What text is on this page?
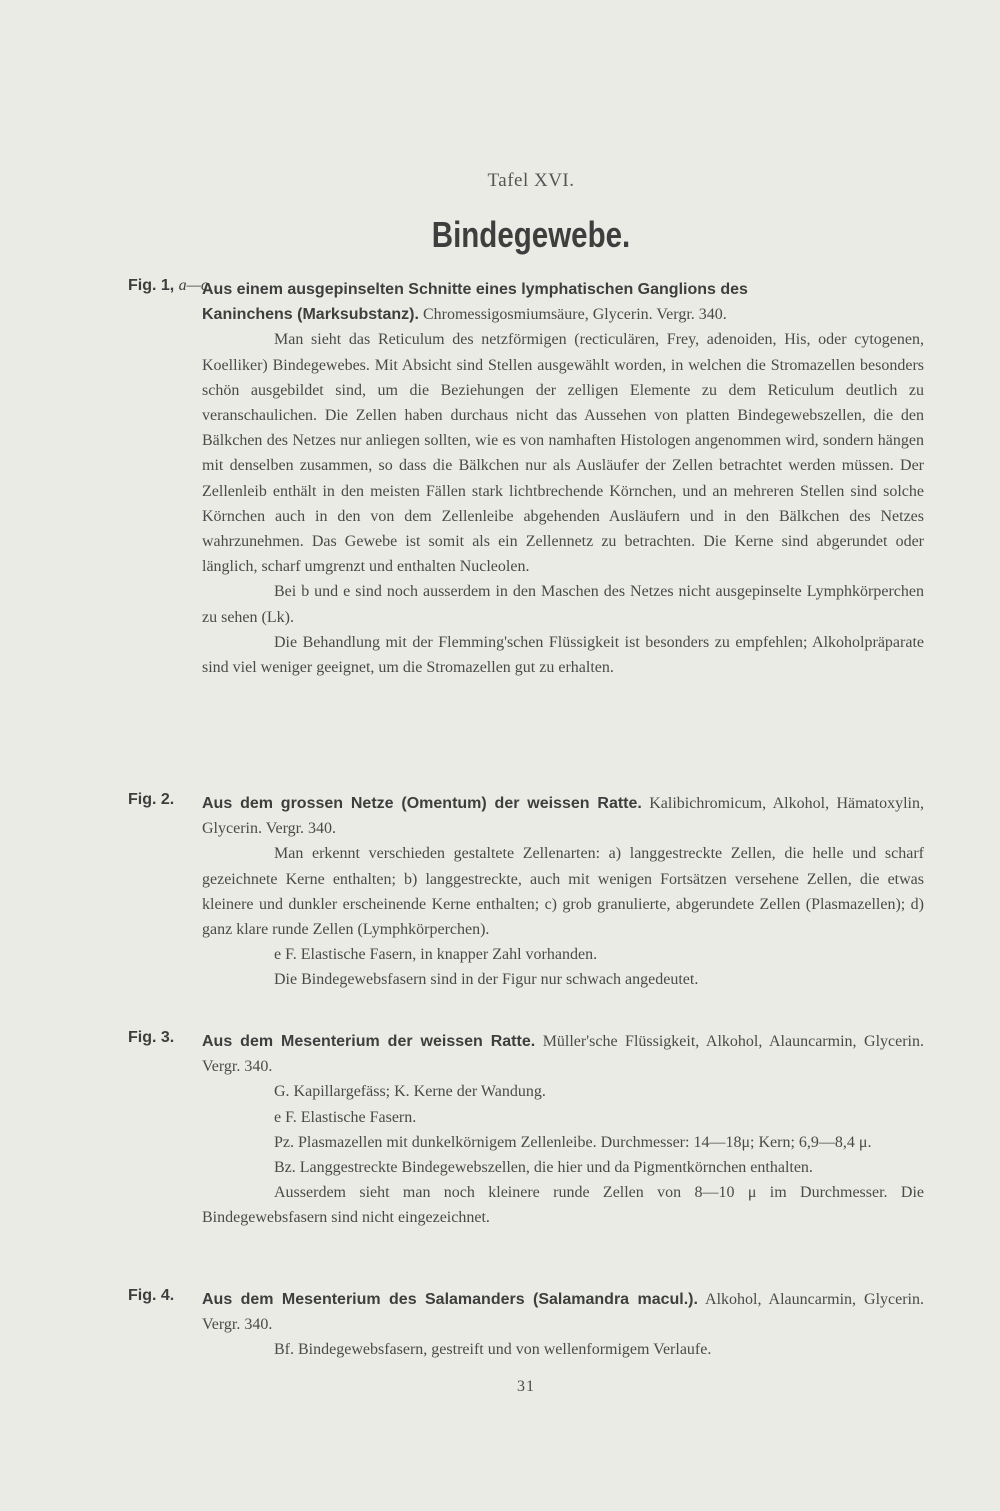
Tafel XVI.
Bindegewebe.
Fig. 1, a—c.

Aus einem ausgepinselten Schnitte eines lymphatischen Ganglions des

Kaninchens (Marksubstanz). Chromessigosmiumsäure, Glycerin. Vergr. 340.

Man sieht das Reticulum des netzförmigen (recticulären, Frey, adenoiden, His, oder cytogenen, Koelliker) Bindegewebes. Mit Absicht sind Stellen ausgewählt worden, in welchen die Stromazellen besonders schön ausgebildet sind, um die Beziehungen der zelligen Elemente zu dem Reticulum deutlich zu veranschaulichen. Die Zellen haben durchaus nicht das Aussehen von platten Bindegewebszellen, die den Bälkchen des Netzes nur anliegen sollten, wie es von namhaften Histologen angenommen wird, sondern hängen mit denselben zusammen, so dass die Bälkchen nur als Ausläufer der Zellen betrachtet werden müssen. Der Zellenleib enthält in den meisten Fällen stark lichtbrechende Körnchen, und an mehreren Stellen sind solche Körnchen auch in den von dem Zellenleibe abgehenden Ausläufern und in den Bälkchen des Netzes wahrzunehmen. Das Gewebe ist somit als ein Zellennetz zu betrachten. Die Kerne sind abgerundet oder länglich, scharf umgrenzt und enthalten Nucleolen.

Bei b und e sind noch ausserdem in den Maschen des Netzes nicht ausgepinselte Lymphkörperchen zu sehen (Lk).

Die Behandlung mit der Flemming'schen Flüssigkeit ist besonders zu empfehlen; Alkoholpräparate sind viel weniger geeignet, um die Stromazellen gut zu erhalten.

Fig. 2. Aus dem grossen Netze (Omentum) der weissen Ratte. Kalibichromicum, Alkohol, Hämatoxylin, Glycerin. Vergr. 340.

Man erkennt verschieden gestaltete Zellenarten: a) langgestreckte Zellen, die helle und scharf gezeichnete Kerne enthalten; b) langgestreckte, auch mit wenigen Fortsätzen versehene Zellen, die etwas kleinere und dunkler erscheinende Kerne enthalten; c) grob granulierte, abgerundete Zellen (Plasmazellen); d) ganz klare runde Zellen (Lymphkörperchen).

e F. Elastische Fasern, in knapper Zahl vorhanden.

Die Bindegewebsfasern sind in der Figur nur schwach angedeutet.

Fig. 3. Aus dem Mesenterium der weissen Ratte. Müller'sche Flüssigkeit, Alkohol, Alauncarmin, Glycerin. Vergr. 340.

G. Kapillargefäss; K. Kerne der Wandung.

e F. Elastische Fasern.

Pz. Plasmazellen mit dunkelkörnigem Zellenleibe. Durchmesser: 14—18μ; Kern; 6,9—8,4 μ.

Bz. Langgestreckte Bindegewebszellen, die hier und da Pigmentkörnchen enthalten.

Ausserdem sieht man noch kleinere runde Zellen von 8—10 μ im Durchmesser. Die Bindegewebsfasern sind nicht eingezeichnet.

Fig. 4. Aus dem Mesenterium des Salamanders (Salamandra macul.). Alkohol, Alauncarmin, Glycerin. Vergr. 340.

Bf. Bindegewebsfasern, gestreift und von wellenformigem Verlaufe.

31
